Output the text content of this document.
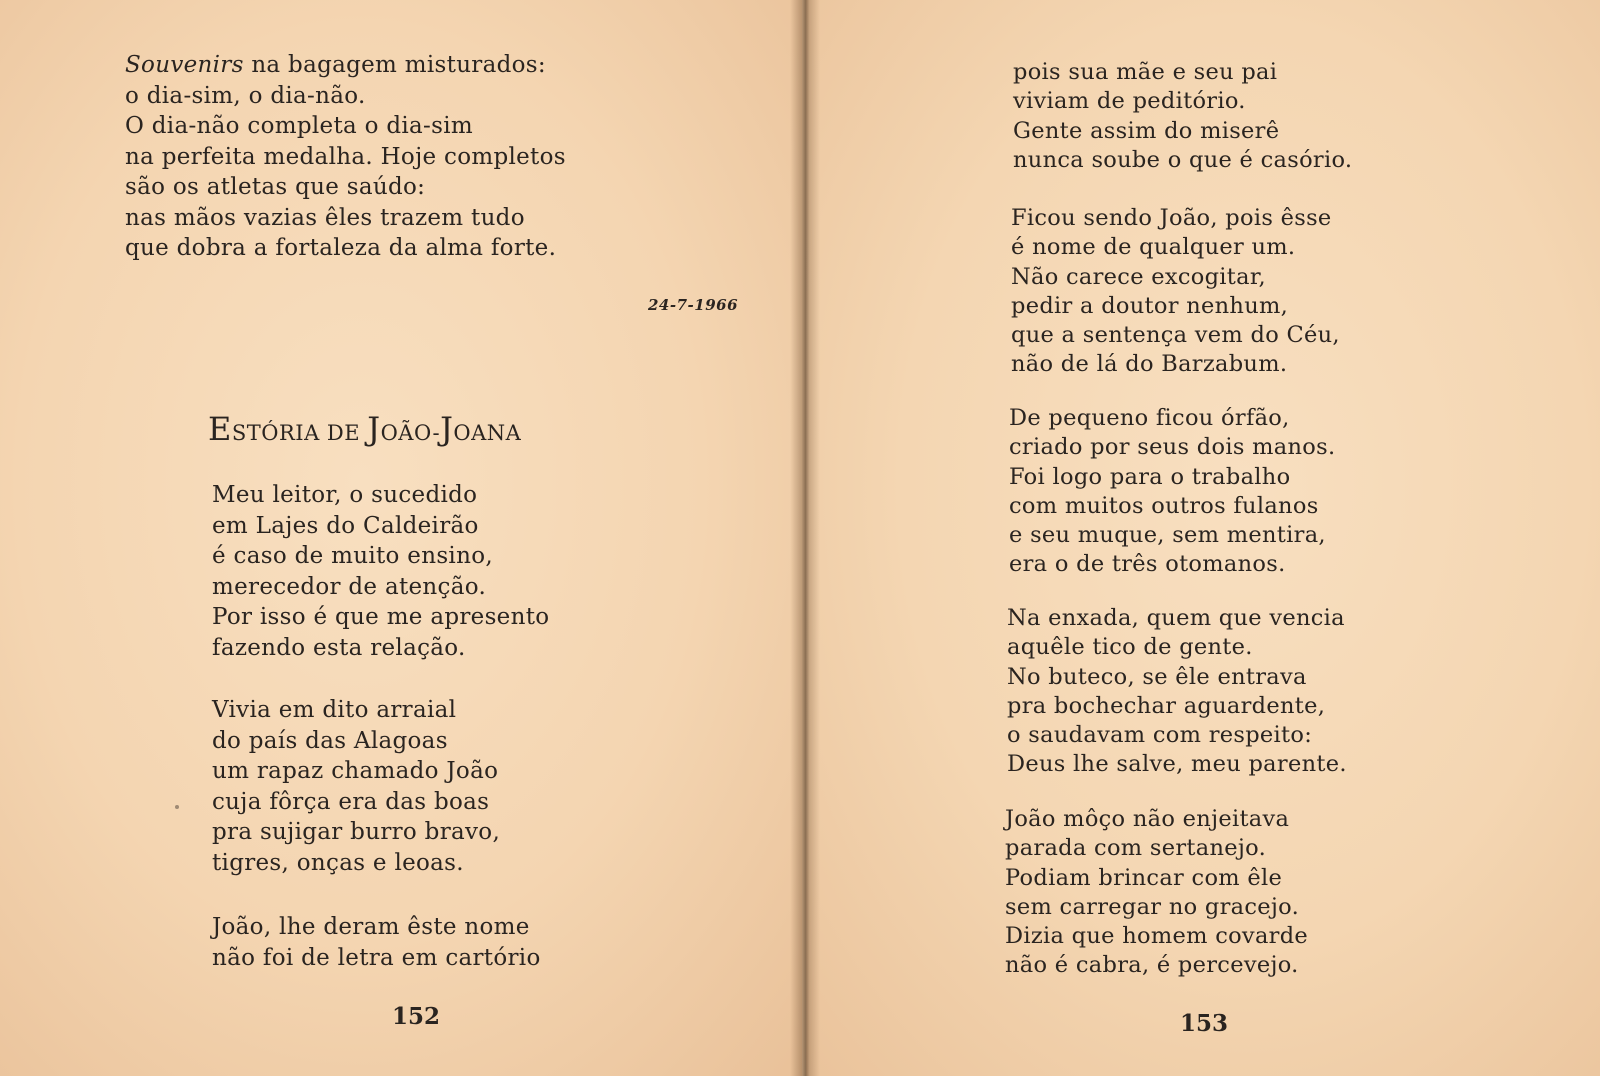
Souvenirs na bagagem misturados:
o dia-sim, o dia-não.
O dia-não completa o dia-sim
na perfeita medalha. Hoje completos
são os atletas que saúdo:
nas mãos vazias êles trazem tudo
que dobra a fortaleza da alma forte.
24-7-1966
ESTÓRIA DE JOÃO-JOANA
Meu leitor, o sucedido
em Lajes do Caldeirão
é caso de muito ensino,
merecedor de atenção.
Por isso é que me apresento
fazendo esta relação.
Vivia em dito arraial
do país das Alagoas
um rapaz chamado João
cuja fôrça era das boas
pra sujigar burro bravo,
tigres, onças e leoas.
João, lhe deram êste nome
não foi de letra em cartório
152
pois sua mãe e seu pai
viviam de peditório.
Gente assim do miserê
nunca soube o que é casório.
Ficou sendo João, pois êsse
é nome de qualquer um.
Não carece excogitar,
pedir a doutor nenhum,
que a sentença vem do Céu,
não de lá do Barzabum.
De pequeno ficou órfão,
criado por seus dois manos.
Foi logo para o trabalho
com muitos outros fulanos
e seu muque, sem mentira,
era o de três otomanos.
Na enxada, quem que vencia
aquêle tico de gente.
No buteco, se êle entrava
pra bochechar aguardente,
o saudavam com respeito:
Deus lhe salve, meu parente.
João môço não enjeitava
parada com sertanejo.
Podiam brincar com êle
sem carregar no gracejo.
Dizia que homem covarde
não é cabra, é percevejo.
153
